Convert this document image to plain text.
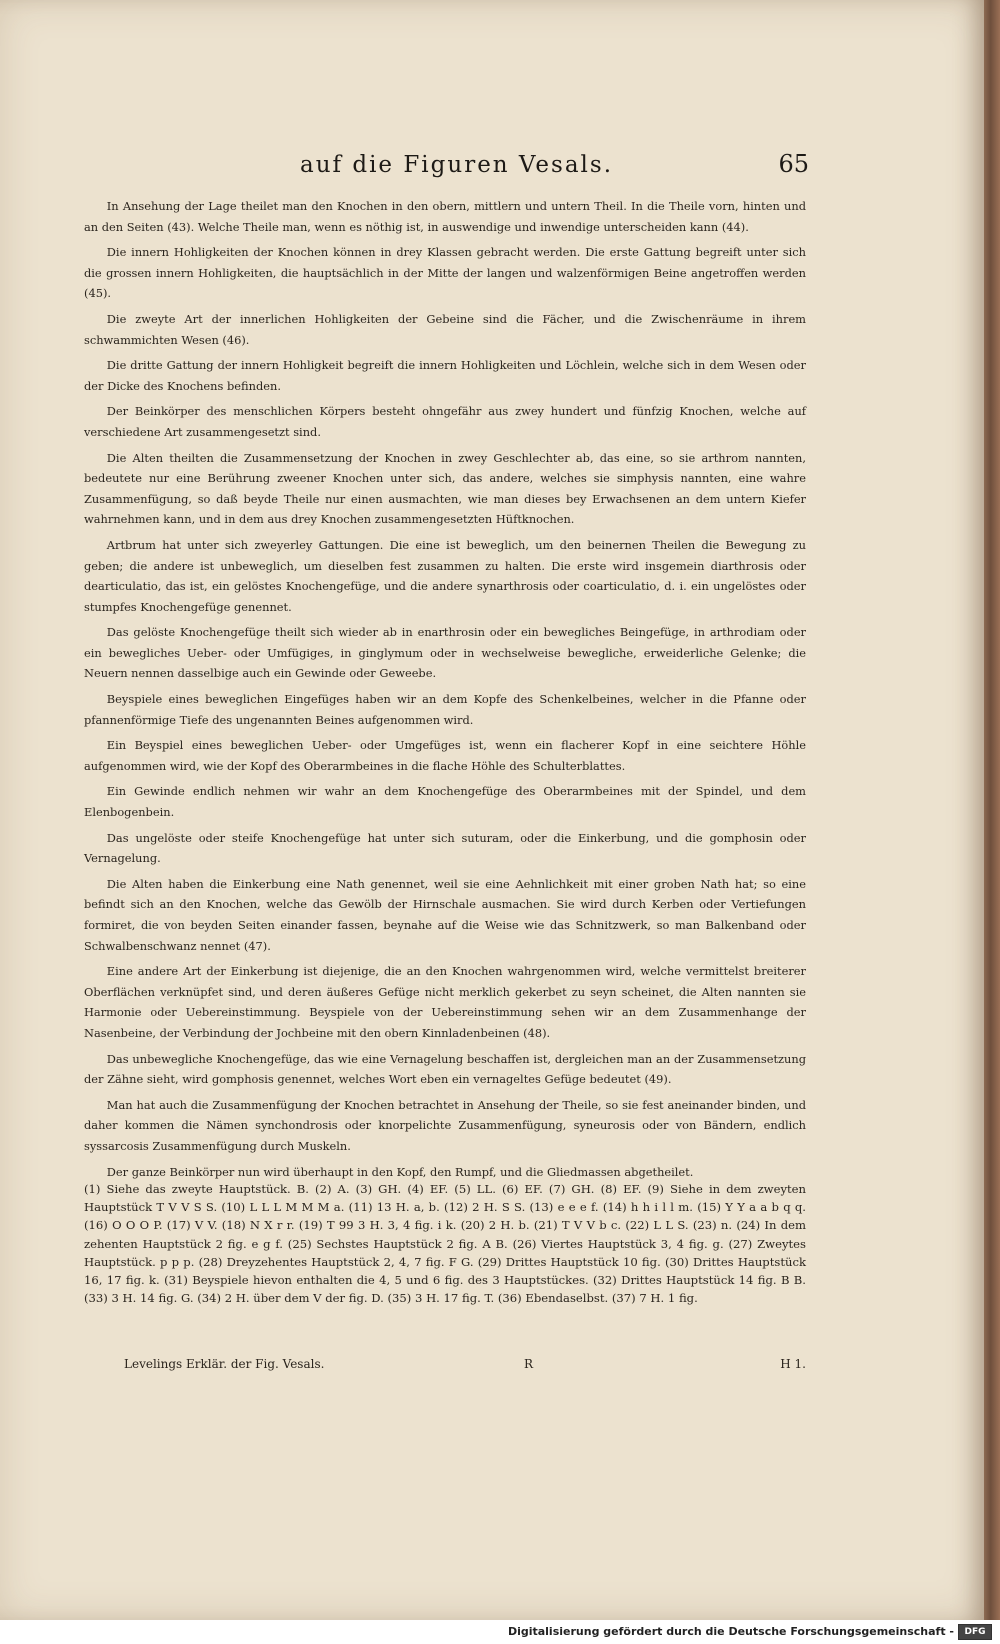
auf die Figuren Vesals.	65

In Ansehung der Lage theilet man den Knochen in den obern, mittlern und untern Theil. In die Theile vorn, hinten und an den Seiten (43). Welche Theile man, wenn es nöthig ist, in auswendige und inwendige unterscheiden kann (44).

Die innern Hohligkeiten der Knochen können in drey Klassen gebracht werden. Die erste Gattung begreift unter sich die grossen innern Hohligkeiten, die hauptsächlich in der Mitte der langen und walzenförmigen Beine angetroffen werden (45).

Die zweyte Art der innerlichen Hohligkeiten der Gebeine sind die Fächer, und die Zwischenräume in ihrem schwammichten Wesen (46).

Die dritte Gattung der innern Hohligkeit begreift die innern Hohligkeiten und Löchlein, welche sich in dem Wesen oder der Dicke des Knochens befinden.

Der Beinkörper des menschlichen Körpers besteht ohngefähr aus zwey hundert und fünfzig Knochen, welche auf verschiedene Art zusammengesetzt sind.

Die Alten theilten die Zusammensetzung der Knochen in zwey Geschlechter ab, das eine, so sie arthrom nannten, bedeutete nur eine Berührung zweener Knochen unter sich, das andere, welches sie simphysis nannten, eine wahre Zusammenfügung, so daß beyde Theile nur einen ausmachten, wie man dieses bey Erwachsenen an dem untern Kiefer wahrnehmen kann, und in dem aus drey Knochen zusammengesetzten Hüftknochen.

Artbrum hat unter sich zweyerley Gattungen. Die eine ist beweglich, um den beinernen Theilen die Bewegung zu geben; die andere ist unbeweglich, um dieselben fest zusammen zu halten. Die erste wird insgemein diarthrosis oder dearticulatio, das ist, ein gelöstes Knochengefüge, und die andere synarthrosis oder coarticulatio, d. i. ein ungelöstes oder stumpfes Knochengefüge genennet.

Das gelöste Knochengefüge theilt sich wieder ab in enarthrosin oder ein bewegliches Beingefüge, in arthrodiam oder ein bewegliches Ueber- oder Umfügiges, in ginglymum oder in wechselweise bewegliche, erweiderliche Gelenke; die Neuern nennen dasselbige auch ein Gewinde oder Geweebe.

Beyspiele eines beweglichen Eingefüges haben wir an dem Kopfe des Schenkelbeines, welcher in die Pfanne oder pfannenförmige Tiefe des ungenannten Beines aufgenommen wird.

Ein Beyspiel eines beweglichen Ueber- oder Umgefüges ist, wenn ein flacherer Kopf in eine seichtere Höhle aufgenommen wird, wie der Kopf des Oberarmbeines in die flache Höhle des Schulterblattes.

Ein Gewinde endlich nehmen wir wahr an dem Knochengefüge des Oberarmbeines mit der Spindel, und dem Elenbogenbein.

Das ungelöste oder steife Knochengefüge hat unter sich suturam, oder die Einkerbung, und die gomphosin oder Vernagelung.

Die Alten haben die Einkerbung eine Nath genennet, weil sie eine Aehnlichkeit mit einer groben Nath hat; so eine befindt sich an den Knochen, welche das Gewölb der Hirnschale ausmachen. Sie wird durch Kerben oder Vertiefungen formiret, die von beyden Seiten einander fassen, beynahe auf die Weise wie das Schnitzwerk, so man Balkenband oder Schwalbenschwanz nennet (47).

Eine andere Art der Einkerbung ist diejenige, die an den Knochen wahrgenommen wird, welche vermittelst breiterer Oberflächen verknüpfet sind, und deren äußeres Gefüge nicht merklich gekerbet zu seyn scheinet, die Alten nannten sie Harmonie oder Uebereinstimmung. Beyspiele von der Uebereinstimmung sehen wir an dem Zusammenhange der Nasenbeine, der Verbindung der Jochbeine mit den obern Kinnladenbeinen (48).

Das unbewegliche Knochengefüge, das wie eine Vernagelung beschaffen ist, dergleichen man an der Zusammensetzung der Zähne sieht, wird gomphosis genennet, welches Wort eben ein vernageltes Gefüge bedeutet (49).

Man hat auch die Zusammenfügung der Knochen betrachtet in Ansehung der Theile, so sie fest aneinander binden, und daher kommen die Nämen synchondrosis oder knorpelichte Zusammenfügung, syneurosis oder von Bändern, endlich syssarcosis Zusammenfügung durch Muskeln.

Der ganze Beinkörper nun wird überhaupt in den Kopf, den Rumpf, und die Gliedmassen abgetheilet.

(1) Siehe das zweyte Hauptstück. B. (2) A. (3) GH. (4) EF. (5) LL. (6) EF. (7) GH. (8) EF. (9) Siehe in dem zweyten Hauptstück T V V S S. (10) L L L M M M a. (11) 13 H. a, b. (12) 2 H. S S. (13) e e e f. (14) h h i l l m. (15) Y Y a a b q q. (16) O O O P. (17) V V. (18) N X r r. (19) T 99 3 H. 3, 4 fig. i k. (20) 2 H. b. (21) T V V b c. (22) L L S. (23) n. (24) In dem zehenten Hauptstück 2 fig. e g f. (25) Sechstes Hauptstück 2 fig. A B. (26) Viertes Hauptstück 3, 4 fig. g. (27) Zweytes Hauptstück. p p p. (28) Dreyzehentes Hauptstück 2, 4, 7 fig. F G. (29) Drittes Hauptstück 10 fig. (30) Drittes Hauptstück 16, 17 fig. k. (31) Beyspiele hievon enthalten die 4, 5 und 6 fig. des 3 Hauptstückes. (32) Drittes Hauptstück 14 fig. B B. (33) 3 H. 14 fig. G. (34) 2 H. über dem V der fig. D. (35) 3 H. 17 fig. T. (36) Ebendaselbst. (37) 7 H. 1 fig.
Levelings Erklär. der Fig. Vesals.	R	H 1.
Digitalisierung gefördert durch die Deutsche Forschungsgemeinschaft -	DFG
